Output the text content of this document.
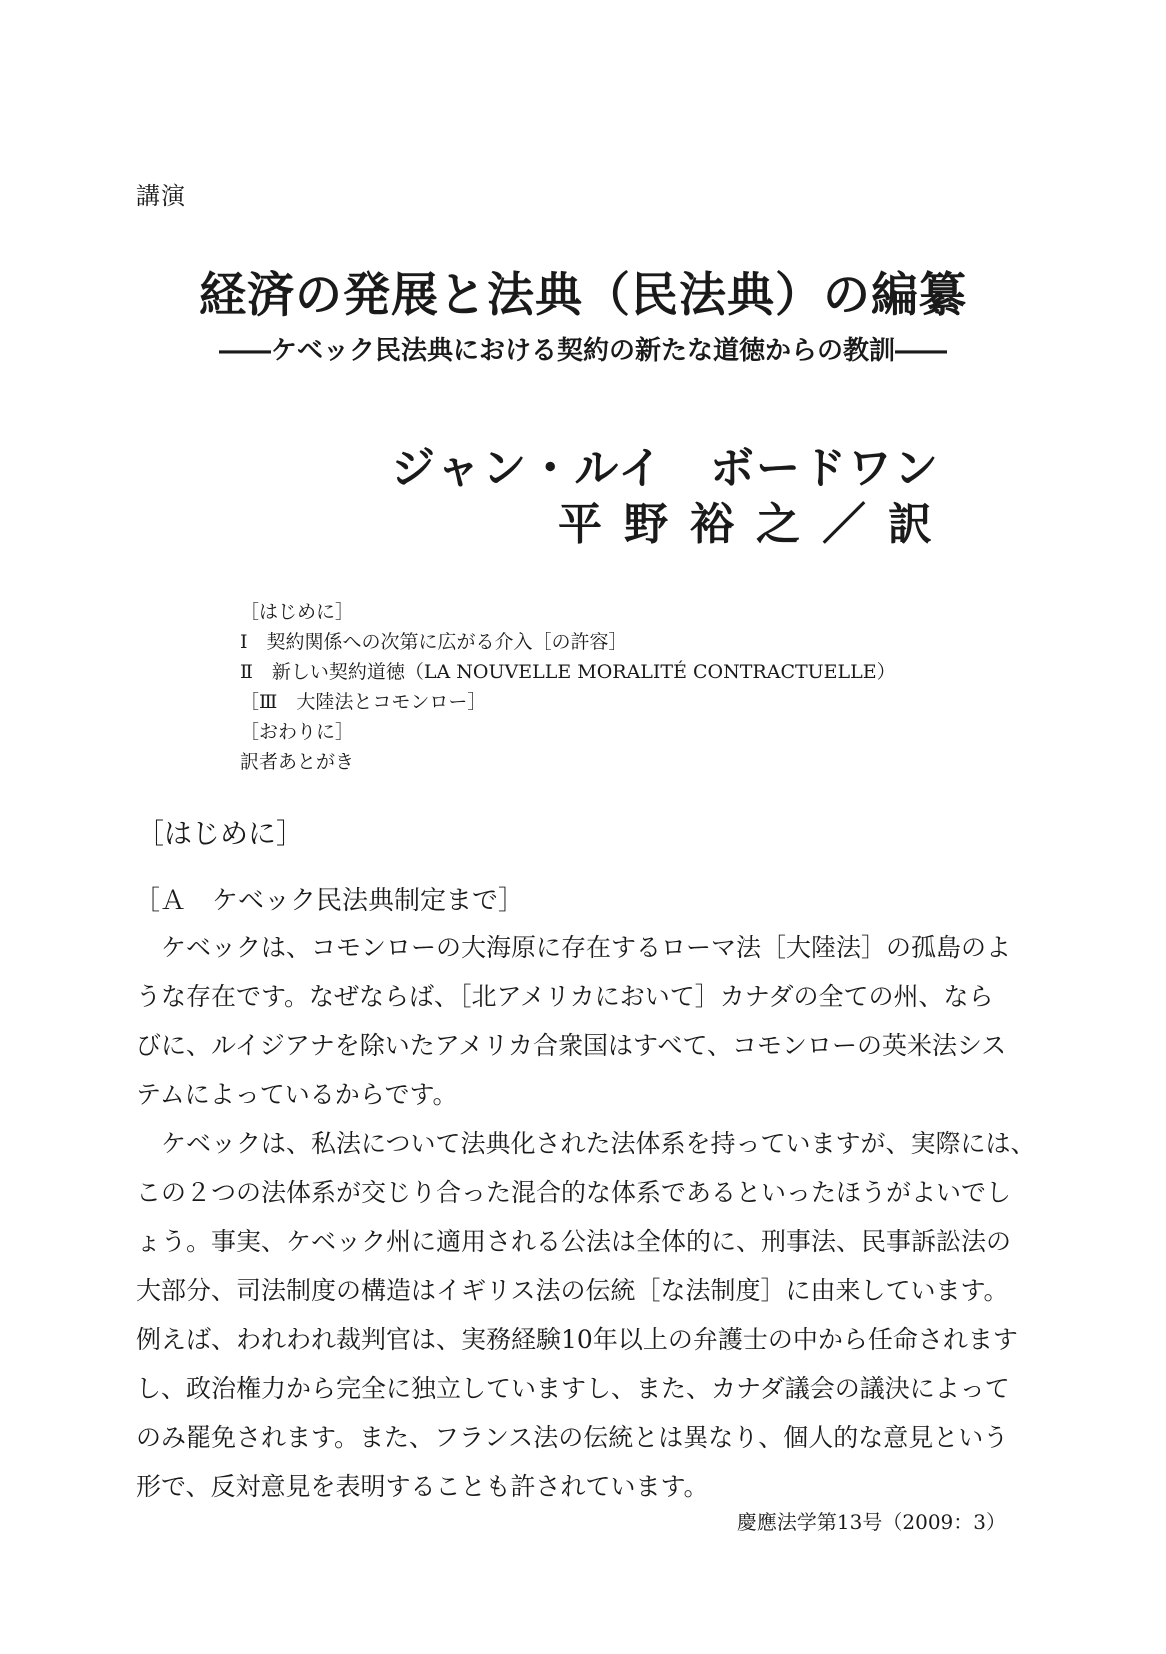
講演
経済の発展と法典（民法典）の編纂
――ケベック民法典における契約の新たな道徳からの教訓――
ジャン・ルイ　ボードワン
平野裕之／訳
［はじめに］
Ⅰ　契約関係への次第に広がる介入［の許容］
Ⅱ　新しい契約道徳（LA NOUVELLE MORALITÉ CONTRACTUELLE）
［Ⅲ　大陸法とコモンロー］
［おわりに］
訳者あとがき
［はじめに］
［Ａ　ケベック民法典制定まで］
　ケベックは、コモンローの大海原に存在するローマ法［大陸法］の孤島のよ
うな存在です。なぜならば、［北アメリカにおいて］カナダの全ての州、なら
びに、ルイジアナを除いたアメリカ合衆国はすべて、コモンローの英米法シス
テムによっているからです。
　ケベックは、私法について法典化された法体系を持っていますが、実際には、
この２つの法体系が交じり合った混合的な体系であるといったほうがよいでし
ょう。事実、ケベック州に適用される公法は全体的に、刑事法、民事訴訟法の
大部分、司法制度の構造はイギリス法の伝統［な法制度］に由来しています。
例えば、われわれ裁判官は、実務経験10年以上の弁護士の中から任命されます
し、政治権力から完全に独立していますし、また、カナダ議会の議決によって
のみ罷免されます。また、フランス法の伝統とは異なり、個人的な意見という
形で、反対意見を表明することも許されています。
慶應法学第13号（2009：3）
